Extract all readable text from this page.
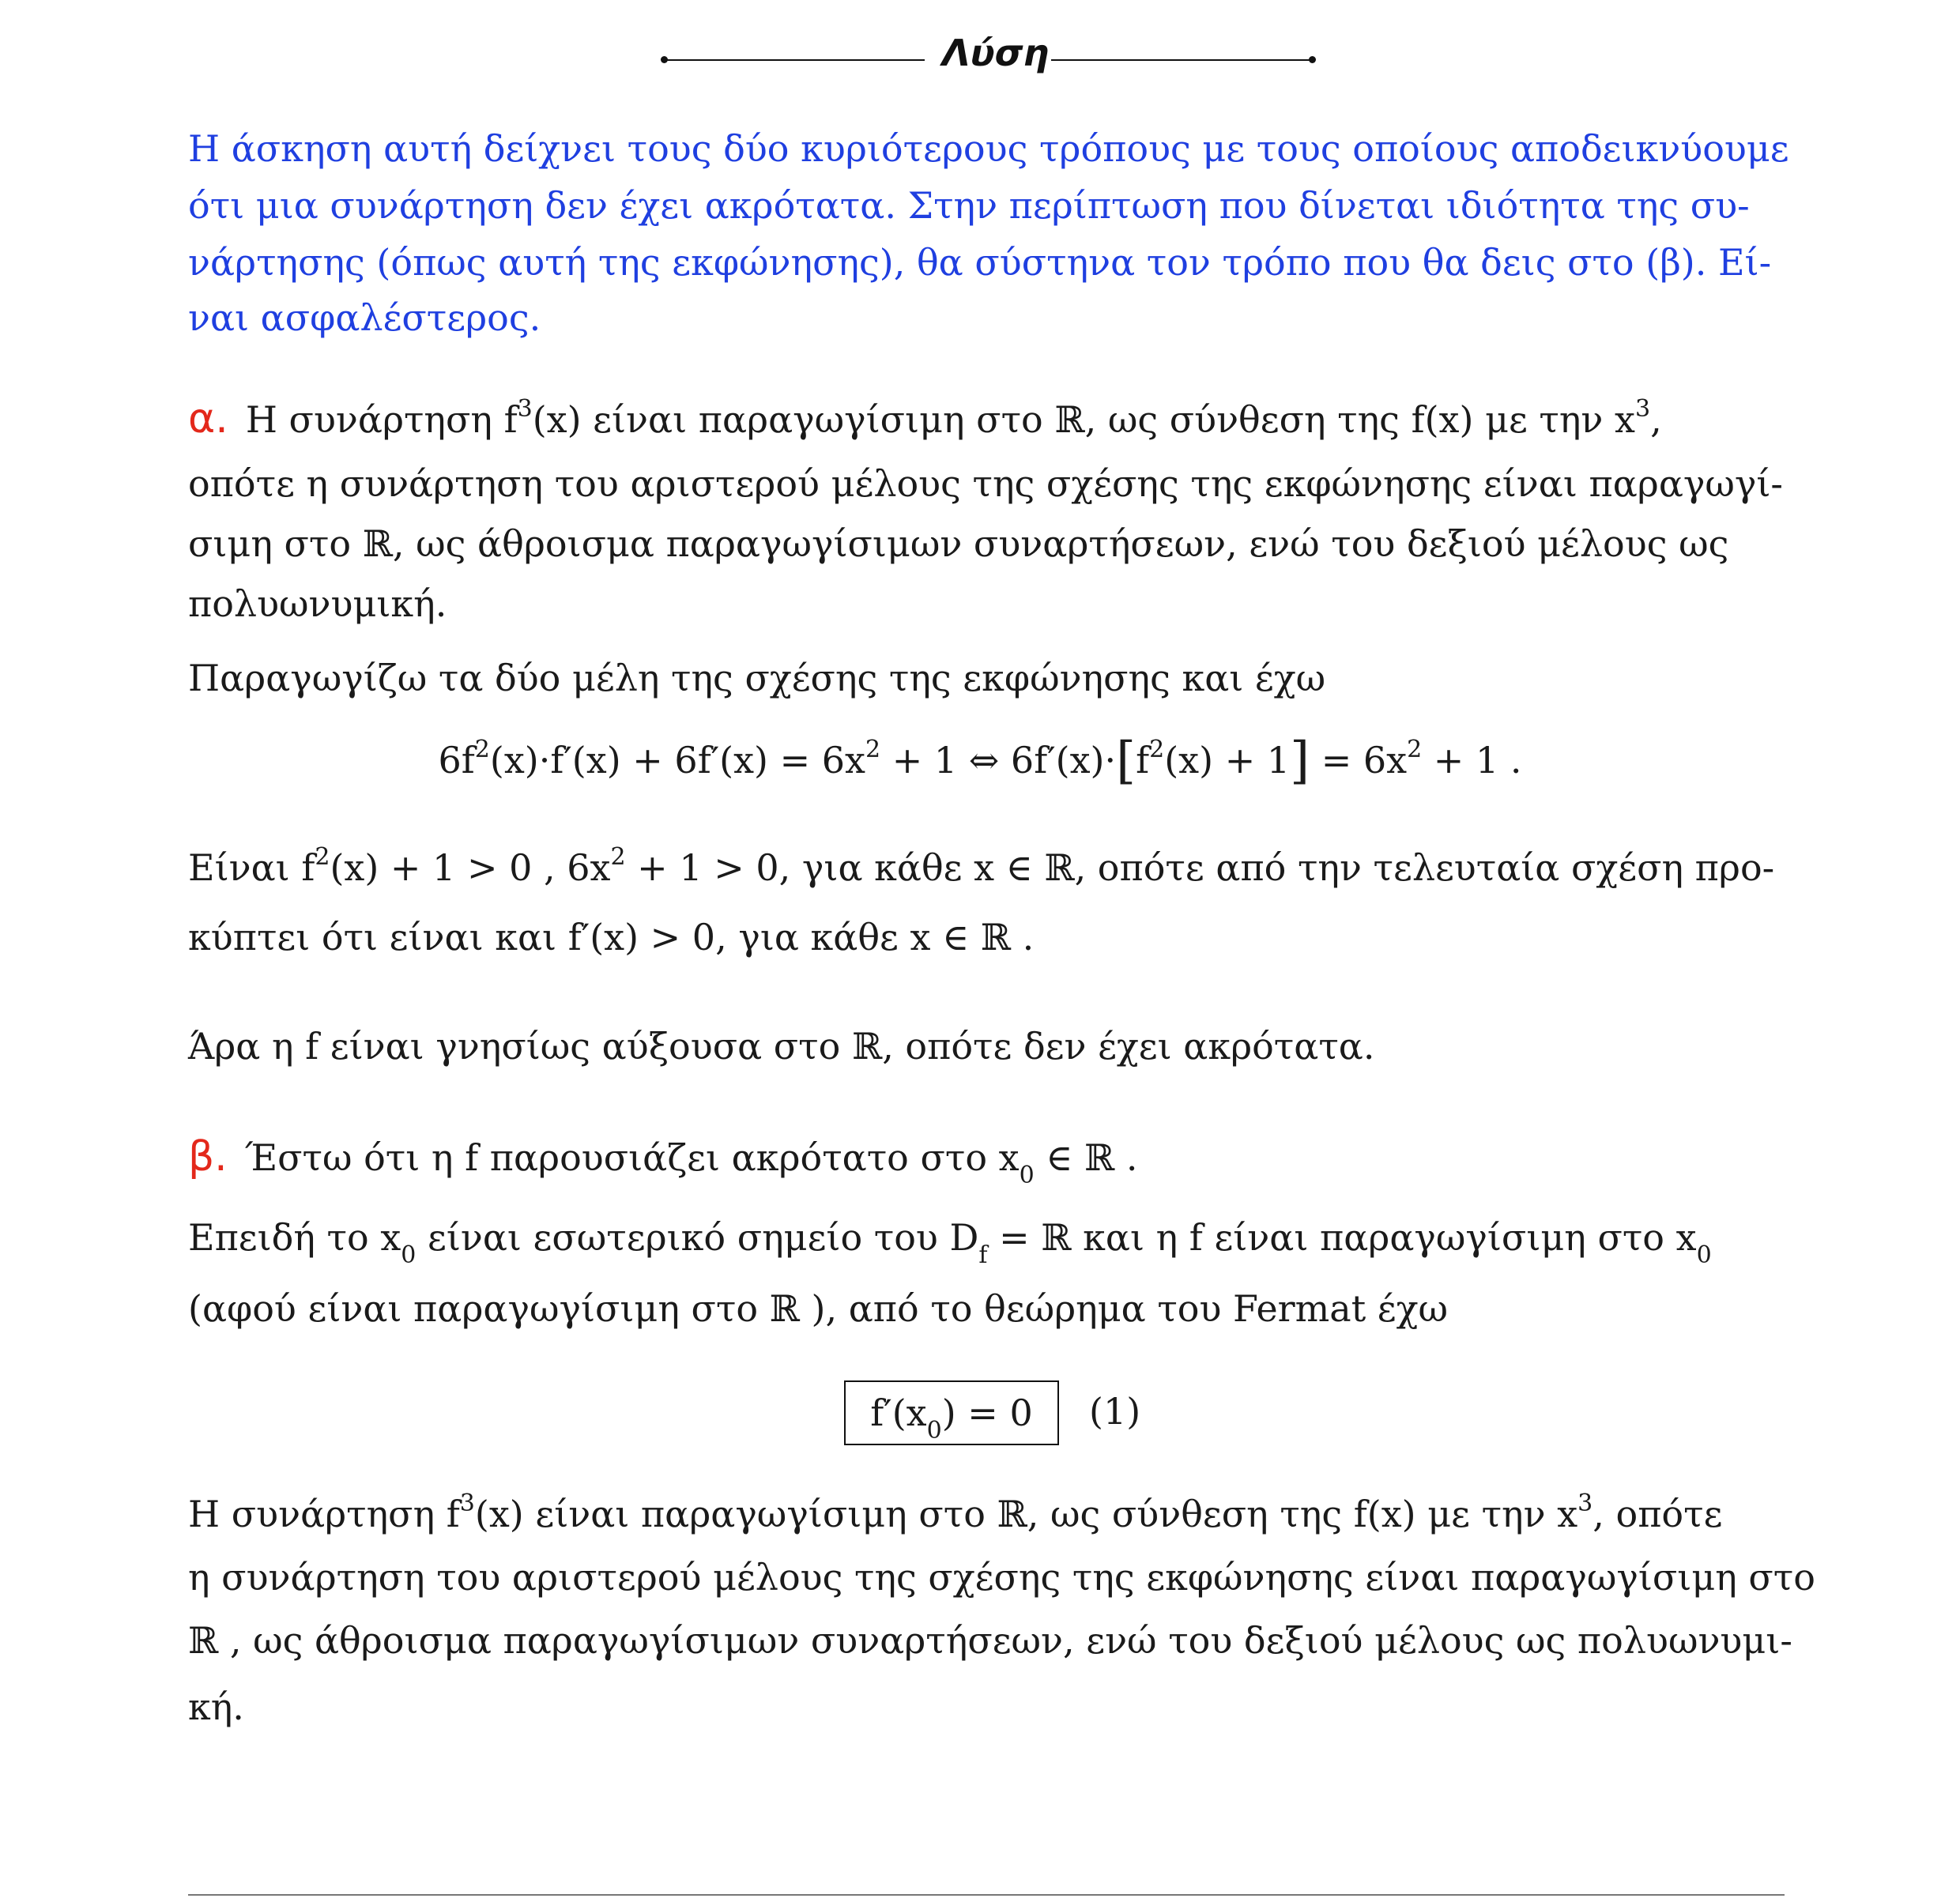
Λύση

Η άσκηση αυτή δείχνει τους δύο κυριότερους τρόπους με τους οποίους αποδεικνύουμε

ότι μια συνάρτηση δεν έχει ακρότατα. Στην περίπτωση που δίνεται ιδιότητα της συ-

νάρτησης (όπως αυτή της εκφώνησης), θα σύστηνα τον τρόπο που θα δεις στο (β). Εί-

ναι ασφαλέστερος.

α. Η συνάρτηση $f^3(x)$ είναι παραγωγίσιμη στο ℝ, ως σύνθεση της f(x) με την $x^3$,

οπότε η συνάρτηση του αριστερού μέλους της σχέσης της εκφώνησης είναι παραγωγί-

σιμη στο ℝ, ως άθροισμα παραγωγίσιμων συναρτήσεων, ενώ του δεξιού μέλους ως

πολυωνυμική.

Παραγωγίζω τα δύο μέλη της σχέσης της εκφώνησης και έχω

$6f^2(x)\cdot f'(x) + 6f'(x) = 6x^2 + 1$ ⇔ $6f'(x)\cdot[f^2(x) + 1] = 6x^2 + 1$ .

Είναι $f^2(x) + 1 > 0$ , $6x^2 + 1 > 0$, για κάθε x ∈ ℝ, οπότε από την τελευταία σχέση προ-

κύπτει ότι είναι και f′(x) > 0, για κάθε x ∈ ℝ .

Άρα η f είναι γνησίως αύξουσα στο ℝ, οπότε δεν έχει ακρότατα.

β. Έστω ότι η f παρουσιάζει ακρότατο στο $x_0$ ∈ ℝ .

Επειδή το $x_0$ είναι εσωτερικό σημείο του $D_f$ = ℝ και η f είναι παραγωγίσιμη στο $x_0$

(αφού είναι παραγωγίσιμη στο ℝ ), από το θεώρημα του Fermat έχω

$f'(x_0) = 0$	(1)

Η συνάρτηση $f^3(x)$ είναι παραγωγίσιμη στο ℝ, ως σύνθεση της f(x) με την $x^3$, οπότε

η συνάρτηση του αριστερού μέλους της σχέσης της εκφώνησης είναι παραγωγίσιμη στο

ℝ , ως άθροισμα παραγωγίσιμων συναρτήσεων, ενώ του δεξιού μέλους ως πολυωνυμι-

κή.
